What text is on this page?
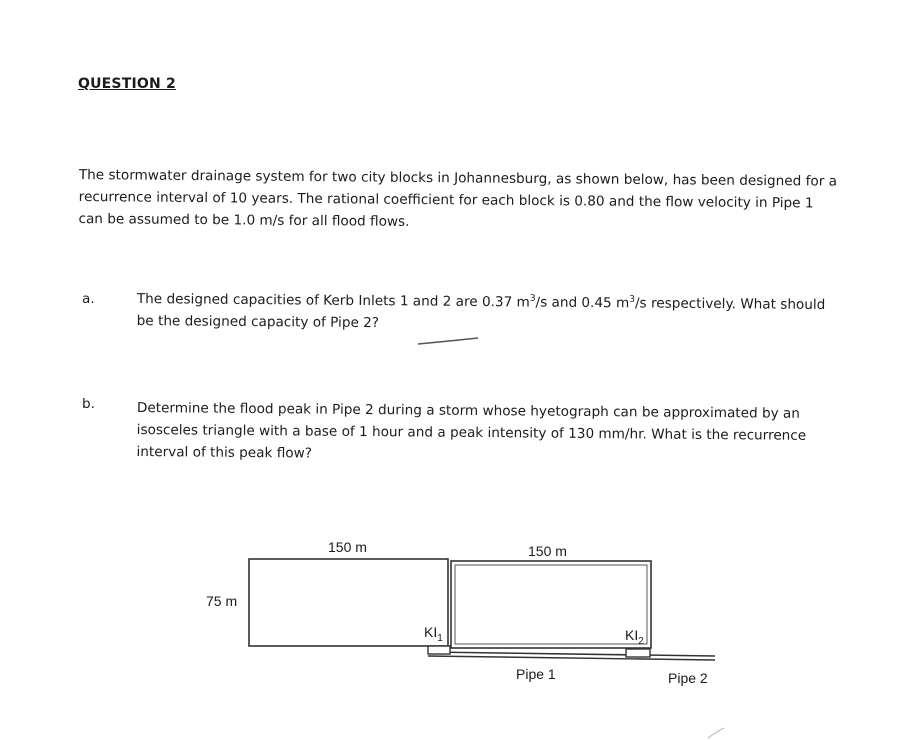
QUESTION 2
The stormwater drainage system for two city blocks in Johannesburg, as shown below, has been designed for a recurrence interval of 10 years. The rational coefficient for each block is 0.80 and the flow velocity in Pipe 1 can be assumed to be 1.0 m/s for all flood flows.
a.	The designed capacities of Kerb Inlets 1 and 2 are 0.37 $m^3/s$ and 0.45 $m^3/s$ respectively. What should be the designed capacity of Pipe 2?
b.	Determine the flood peak in Pipe 2 during a storm whose hyetograph can be approximated by an isosceles triangle with a base of 1 hour and a peak intensity of 130 mm/hr. What is the recurrence interval of this peak flow?
150 m	150 m
75 m
$KI_1$	$KI_2$
Pipe 1	Pipe 2
